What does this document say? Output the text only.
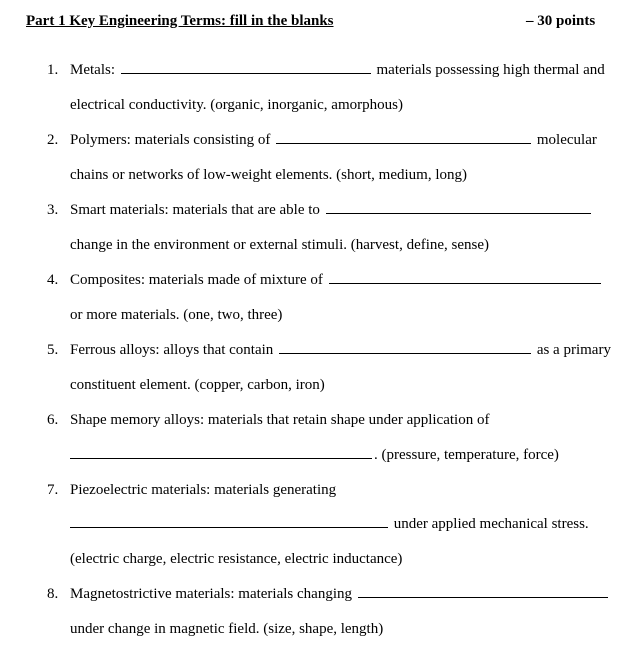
Part 1 Key Engineering Terms: fill in the blanks	– 30 points
1. Metals:	materials possessing high thermal and
electrical conductivity. (organic, inorganic, amorphous)
2. Polymers: materials consisting of	molecular
chains or networks of low-weight elements. (short, medium, long)
3. Smart materials: materials that are able to
change in the environment or external stimuli. (harvest, define, sense)
4. Composites: materials made of mixture of
or more materials. (one, two, three)
5. Ferrous alloys: alloys that contain	as a primary
constituent element. (copper, carbon, iron)
6. Shape memory alloys: materials that retain shape under application of
. (pressure, temperature, force)
7. Piezoelectric materials: materials generating
under applied mechanical stress.
(electric charge, electric resistance, electric inductance)
8. Magnetostrictive materials: materials changing
under change in magnetic field. (size, shape, length)
